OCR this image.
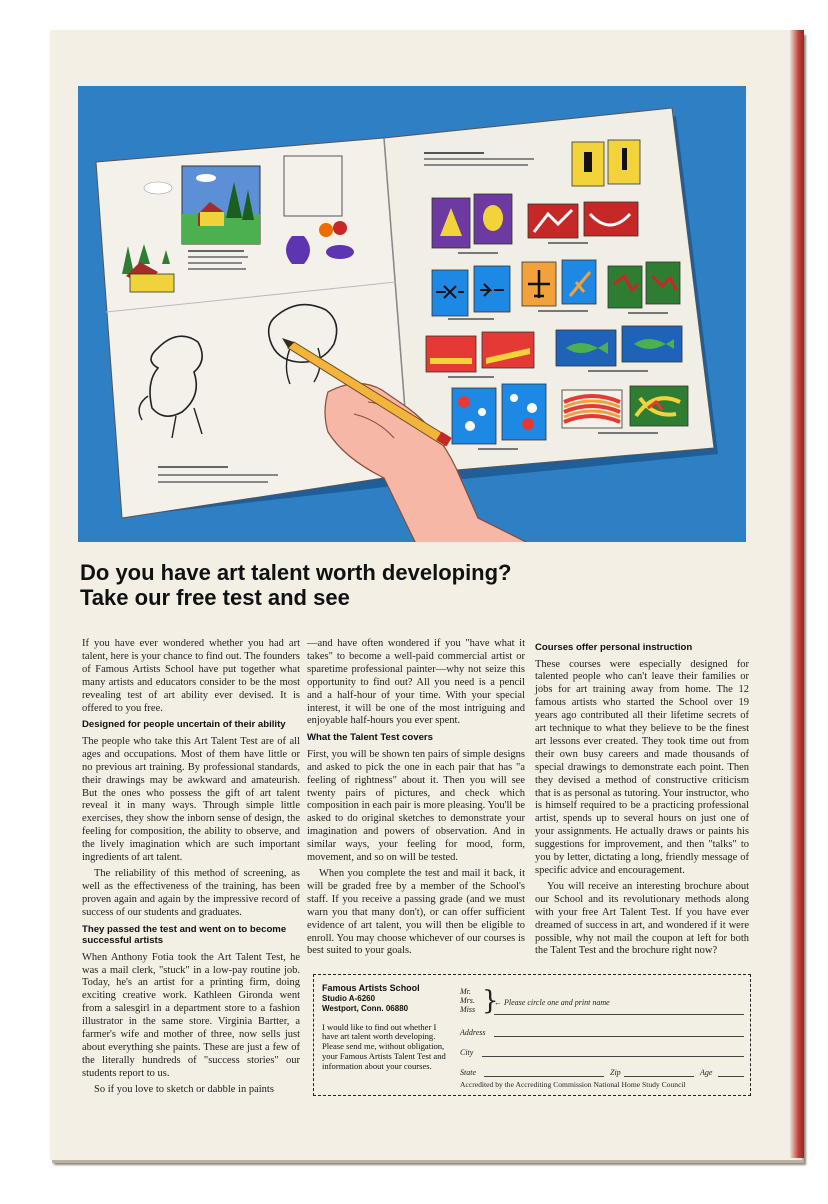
Do you have art talent worth developing?
Take our free test and see

If you have ever wondered whether you had art talent, here is your chance to find out. The founders of Famous Artists School have put together what many artists and educators consider to be the most revealing test of art ability ever devised. It is offered to you free.

Designed for people uncertain of their ability

The people who take this Art Talent Test are of all ages and occupations. Most of them have little or no previous art training. By professional standards, their drawings may be awkward and amateurish. But the ones who possess the gift of art talent reveal it in many ways. Through simple little exercises, they show the inborn sense of design, the feeling for composition, the ability to observe, and the lively imagination which are such important ingredients of art talent.

The reliability of this method of screening, as well as the effectiveness of the training, has been proven again and again by the impressive record of success of our students and graduates.

They passed the test and went on to become successful artists

When Anthony Fotia took the Art Talent Test, he was a mail clerk, "stuck" in a low-pay routine job. Today, he's an artist for a printing firm, doing exciting creative work. Kathleen Gironda went from a salesgirl in a department store to a fashion illustrator in the same store. Virginia Bartter, a farmer's wife and mother of three, now sells just about everything she paints. These are just a few of the literally hundreds of "success stories" our students report to us.

So if you love to sketch or dabble in paints

—and have often wondered if you "have what it takes" to become a well-paid commercial artist or sparetime professional painter—why not seize this opportunity to find out? All you need is a pencil and a half-hour of your time. With your special interest, it will be one of the most intriguing and enjoyable half-hours you ever spent.

What the Talent Test covers

First, you will be shown ten pairs of simple designs and asked to pick the one in each pair that has "a feeling of rightness" about it. Then you will see twenty pairs of pictures, and check which composition in each pair is more pleasing. You'll be asked to do original sketches to demonstrate your imagination and powers of observation. And in similar ways, your feeling for mood, form, movement, and so on will be tested.

When you complete the test and mail it back, it will be graded free by a member of the School's staff. If you receive a passing grade (and we must warn you that many don't), or can offer sufficient evidence of art talent, you will then be eligible to enroll. You may choose whichever of our courses is best suited to your goals.

Courses offer personal instruction

These courses were especially designed for talented people who can't leave their families or jobs for art training away from home. The 12 famous artists who started the School over 19 years ago contributed all their lifetime secrets of art technique to what they believe to be the finest art lessons ever created. They took time out from their own busy careers and made thousands of special drawings to demonstrate each point. Then they devised a method of constructive criticism that is as personal as tutoring. Your instructor, who is himself required to be a practicing professional artist, spends up to several hours on just one of your assignments. He actually draws or paints his suggestions for improvement, and then "talks" to you by letter, dictating a long, friendly message of specific advice and encouragement.

You will receive an interesting brochure about our School and its revolutionary methods along with your free Art Talent Test. If you have ever dreamed of success in art, and wondered if it were possible, why not mail the coupon at left for both the Talent Test and the brochure right now?

Famous Artists School
Studio A-6260
Westport, Conn. 06880
I would like to find out whether I have art talent worth developing. Please send me, without obligation, your Famous Artists Talent Test and information about your courses.
Mr.
Mrs.
Miss }
← Please circle one and print name
Address
City
State	Zip	Age
Accredited by the Accrediting Commission National Home Study Council
